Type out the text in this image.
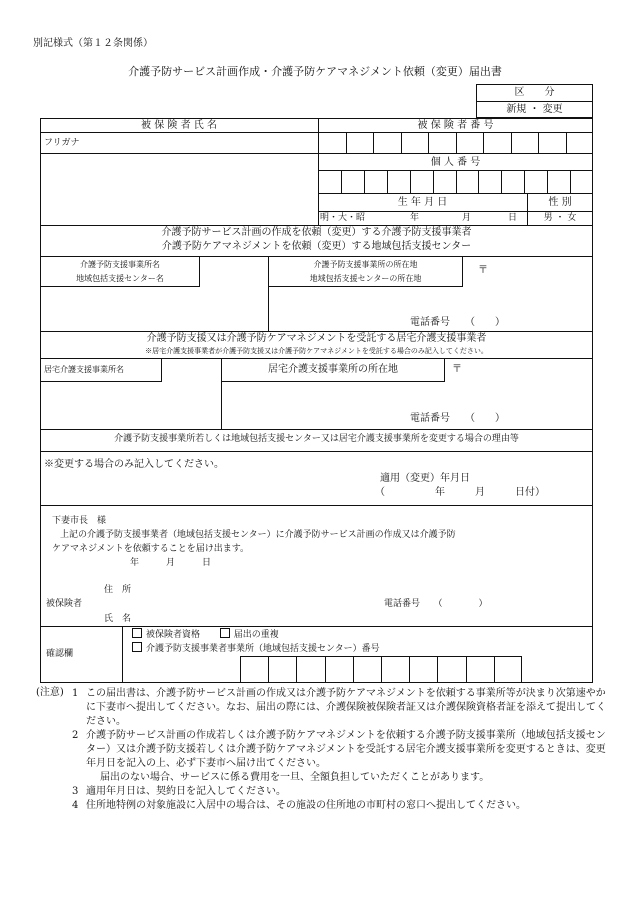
別記様式（第１２条関係）
介護予防サービス計画作成・介護予防ケアマネジメント依頼（変更）届出書
区　　分
新規 ・ 変更
被 保 険 者 氏 名	被 保 険 者 番 号
フリガナ
個 人 番 号
生 年 月 日	性 別
明・大・昭	年	月	日	男 ・ 女
介護予防サービス計画の作成を依頼（変更）する介護予防支援事業者
介護予防ケアマネジメントを依頼（変更）する地域包括支援センター
介護予防支援事業所名
地域包括支援センター名
介護予防支援事業所の所在地
地域包括支援センターの所在地
〒
電話番号　　（　　）
介護予防支援又は介護予防ケアマネジメントを受託する居宅介護支援事業者
※居宅介護支援事業者が介護予防支援又は介護予防ケアマネジメントを受託する場合のみ記入してください。
居宅介護支援事業所名	居宅介護支援事業所の所在地	〒
電話番号　　（　　）
介護予防支援事業所若しくは地域包括支援センター又は居宅介護支援事業所を変更する場合の理由等
※変更する場合のみ記入してください。
適用（変更）年月日
（　　　　　年　　　月　　　日付）
下妻市長　様
上記の介護予防支援事業者（地域包括支援センター）に介護予防サービス計画の作成又は介護予防
ケアマネジメントを依頼することを届け出ます。
年　　　月　　　日
住　所
被保険者
氏　名
電話番号　　（　　　　）
確認欄
被保険者資格	届出の重複
介護予防支援事業者事業所（地域包括支援センター）番号
(注意) 1 この届出書は、介護予防サービス計画の作成又は介護予防ケアマネジメントを依頼する事業所等が決まり次第速やかに下妻市へ提出してください。なお、届出の際には、介護保険被保険者証又は介護保険資格者証を添えて提出してください。
2 介護予防サービス計画の作成若しくは介護予防ケアマネジメントを依頼する介護予防支援事業所（地域包括支援センター）又は介護予防支援若しくは介護予防ケアマネジメントを受託する居宅介護支援事業所を変更するときは、変更年月日を記入の上、必ず下妻市へ届け出てください。
届出のない場合、サービスに係る費用を一旦、全額負担していただくことがあります。
3 適用年月日は、契約日を記入してください。
4 住所地特例の対象施設に入居中の場合は、その施設の住所地の市町村の窓口へ提出してください。
